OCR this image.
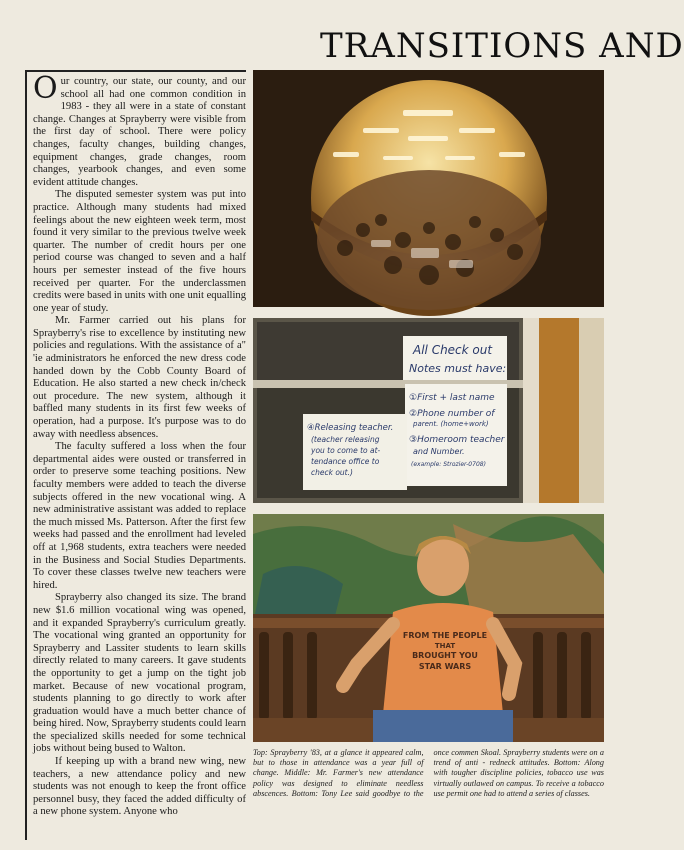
TRANSITIONS AND

Our country, our state, our county, and our school all had one common condition in 1983 - they all were in a state of constant change. Changes at Sprayberry were visible from the first day of school. There were policy changes, faculty changes, building changes, equipment changes, grade changes, room changes, yearbook changes, and even some evident attitude changes.

The disputed semester system was put into practice. Although many students had mixed feelings about the new eighteen week term, most found it very similar to the previous twelve week quarter. The number of credit hours per one period course was changed to seven and a half hours per semester instead of the five hours received per quarter. For the underclassmen credits were based in units with one unit equalling one year of study.

Mr. Farmer carried out his plans for Sprayberry's rise to excellence by instituting new policies and regulations. With the assistance of a" 'ie administrators he enforced the new dress code handed down by the Cobb County Board of Education. He also started a new check in/check out procedure. The new system, although it baffled many students in its first few weeks of operation, had a purpose. It's purpose was to do away with needless absences.

The faculty suffered a loss when the four departmental aides were ousted or transferred in order to preserve some teaching positions. New faculty members were added to teach the diverse subjects offered in the new vocational wing. A new administrative assistant was added to replace the much missed Ms. Patterson. After the first few weeks had passed and the enrollment had leveled off at 1,968 students, extra teachers were needed in the Business and Social Studies Departments. To cover these classes twelve new teachers were hired.

Sprayberry also changed its size. The brand new $1.6 million vocational wing was opened, and it expanded Sprayberry's curriculum greatly. The vocational wing granted an opportunity for Sprayberry and Lassiter students to learn skills directly related to many careers. It gave students the opportunity to get a jump on the tight job market. Because of new vocational program, students planning to go directly to work after graduation would have a much better chance of being hired. Now, Sprayberry students could learn the specialized skills needed for some technical jobs without being bused to Walton.

If keeping up with a brand new wing, new teachers, a new attendance policy and new students was not enough to keep the front office personnel busy, they faced the added difficulty of a new phone system. Anyone who

All Check out
Notes must have:
①First + last name
②Phone number of
parent. (home+work)
③Homeroom teacher
and Number.
(example: Strozier-0708)
④Releasing teacher.
(teacher releasing
you to come to at-
tendance office to
check out.)
FROM THE PEOPLE
THAT
BROUGHT YOU
STAR WARS
Top: Sprayberry '83, at a glance it appeared calm, but to those in attendance was a year full of change. Middle: Mr. Farmer's new attendance policy was designed to eliminate needless abscences. Bottom: Tony Lee said goodbye to the once commen Skoal. Sprayberry students were on a trend of anti - redneck attitudes. Bottom: Along with tougher discipline policies, tobacco use was virtually outlawed on campus. To receive a tobacco use permit one had to attend a series of classes.
